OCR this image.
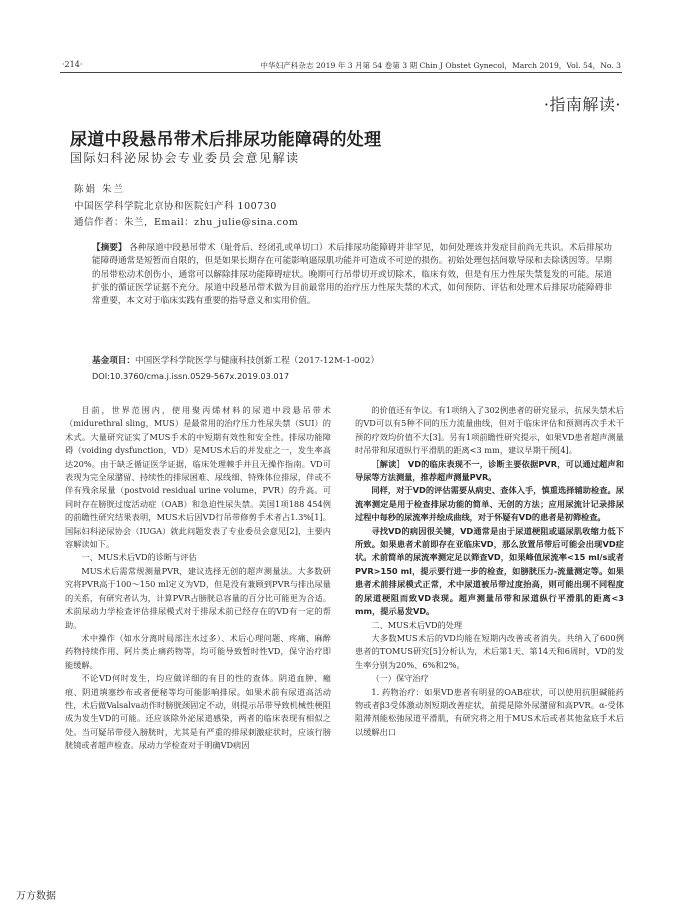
·214·	中华妇产科杂志 2019 年 3 月第 54 卷第 3 期 Chin J Obstet Gynecol，March 2019，Vol. 54，No. 3
·指南解读·
尿道中段悬吊带术后排尿功能障碍的处理
国际妇科泌尿协会专业委员会意见解读
陈娟 朱兰
中国医学科学院北京协和医院妇产科 100730
通信作者：朱兰，Email：zhu_julie@sina.com
【摘要】 各种尿道中段悬吊带术（耻骨后、经闭孔或单切口）术后排尿功能障碍并非罕见，如何处理该并发症目前尚无共识。术后排尿功能障碍通常是短暂而自限的，但是如果长期存在可能影响逼尿肌功能并可造成不可逆的损伤。初始处理包括间歇导尿和去除诱因等。早期的吊带松动术创伤小，通常可以解除排尿功能障碍症状。晚期可行吊带切开或切除术，临床有效，但是有压力性尿失禁复发的可能。尿道扩张的循证医学证据不充分。尿道中段悬吊带术做为目前最常用的治疗压力性尿失禁的术式，如何预防、评估和处理术后排尿功能障碍非常重要，本文对于临床实践有重要的指导意义和实用价值。
基金项目：中国医学科学院医学与健康科技创新工程（2017-12M-1-002）
DOI:10.3760/cma.j.issn.0529-567x.2019.03.017

目前，世界范围内，使用聚丙烯材料的尿道中段悬吊带术（midurethral sling，MUS）是最常用的治疗压力性尿失禁（SUI）的术式。大量研究证实了MUS手术的中短期有效性和安全性。排尿功能障碍（voiding dysfunction，VD）是MUS术后的并发症之一，发生率高达20%。由于缺乏循证医学证据，临床处理棘手并且无操作指南。VD可表现为完全尿潴留、持续性的排尿困难、尿线细、特殊体位排尿，伴或不伴有残余尿量（postvoid residual urine volume，PVR）的升高。可同时存在膀胱过度活动症（OAB）和急迫性尿失禁。美国1项188 454例的前瞻性研究结果表明，MUS术后因VD行吊带修剪手术者占1.3%[1]。国际妇科泌尿协会（IUGA）就此问题发表了专业委员会意见[2]，主要内容解读如下。

一、MUS术后VD的诊断与评估

MUS术后需常规测量PVR，建议选择无创的超声测量法。大多数研究将PVR高于100～150 ml定义为VD，但是没有兼顾到PVR与排出尿量的关系，有研究者认为，计算PVR占膀胱总容量的百分比可能更为合适。术前尿动力学检查评估排尿模式对于排尿术前已经存在的VD有一定的帮助。

术中操作（如水分离时局部注水过多）、术后心理问题、疼痛、麻醉药物持续作用、阿片类止痛药物等，均可能导致暂时性VD，保守治疗即能缓解。

不论VD何时发生，均应做详细的有目的性的查体。阴道血肿、瘢痕、阴道填塞纱布或者便秘等均可能影响排尿。如果术前有尿道高活动性，术后做Valsalva动作时膀胱颈固定不动，则提示吊带导致机械性梗阻成为发生VD的可能。还应该除外泌尿道感染，两者的临床表现有相似之处。当可疑吊带侵入膀胱时，尤其是有严重的排尿刺激症状时，应该行膀胱镜或者超声检查。尿动力学检查对于明确VD病因

的价值还有争议。有1项纳入了302例患者的研究显示，抗尿失禁术后的VD可以有5种不同的压力流量曲线，但对于临床评估和预测再次手术干预的疗效均价值不大[3]。另有1项前瞻性研究提示，如果VD患者超声测量时吊带和尿道纵行平滑肌的距离<3 mm，建议早期干预[4]。

［解读］ VD的临床表现不一，诊断主要依据PVR，可以通过超声和导尿等方法测量，推荐超声测量PVR。

同样，对于VD的评估需要从病史、查体入手，慎重选择辅助检查。尿流率测定是用于检查排尿功能的简单、无创的方法；应用尿流计记录排尿过程中每秒的尿流率并绘成曲线，对于怀疑有VD的患者是初筛检查。

寻找VD的病因很关键，VD通常是由于尿道梗阻或逼尿肌收缩力低下所致。如果患者术前即存在亚临床VD，那么放置吊带后可能会出现VD症状。术前简单的尿流率测定足以筛查VD，如果峰值尿流率<15 ml/s或者PVR>150 ml，提示要行进一步的检查，如膀胱压力-流量测定等。如果患者术前排尿模式正常，术中尿道被吊带过度抬高，则可能出现不同程度的尿道梗阻而致VD表现。超声测量吊带和尿道纵行平滑肌的距离<3 mm，提示易发VD。

二、MUS术后VD的处理

大多数MUS术后的VD均能在短期内改善或者消失。共纳入了600例患者的TOMUS研究[5]分析认为，术后第1天、第14天和6周时，VD的发生率分别为20%、6%和2%。

（一）保守治疗

1. 药物治疗：如果VD患者有明显的OAB症状，可以使用抗胆碱能药物或者β3受体激动剂短期改善症状，前提是除外尿潴留和高PVR。α-受体阻滞剂能松弛尿道平滑肌，有研究将之用于MUS术后或者其他盆底手术后以缓解出口

万方数据
